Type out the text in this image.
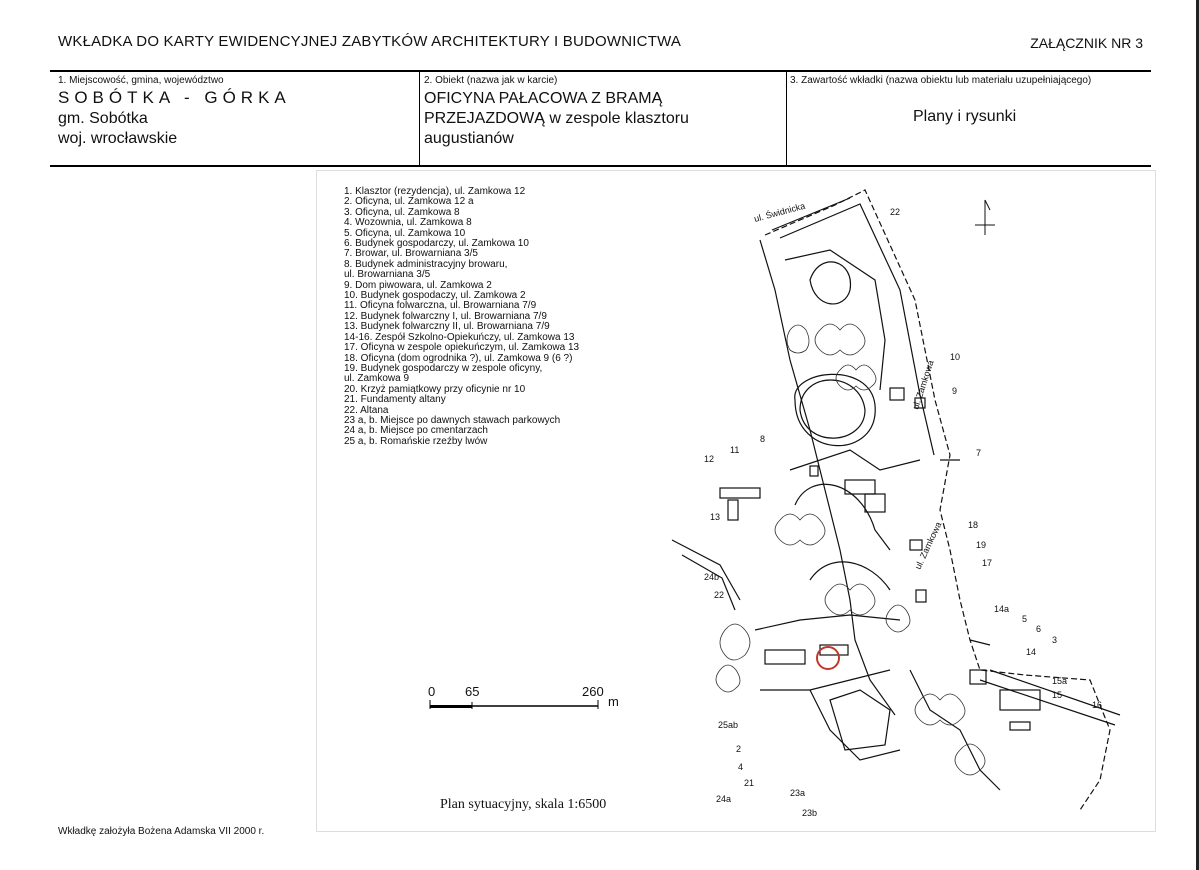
WKŁADKA DO KARTY EWIDENCYJNEJ ZABYTKÓW ARCHITEKTURY I BUDOWNICTWA	ZAŁĄCZNIK NR 3
1. Miejscowość, gmina, województwo
SOBÓTKA - GÓRKA
gm. Sobótka
woj. wrocławskie
2. Obiekt (nazwa jak w karcie)
OFICYNA PAŁACOWA Z BRAMĄ
PRZEJAZDOWĄ w zespole klasztoru
augustianów
3. Zawartość wkładki (nazwa obiektu lub materiału uzupełniającego)
Plany i rysunki
1. Klasztor (rezydencja), ul. Zamkowa 12
2. Oficyna, ul. Zamkowa 12 a
3. Oficyna, ul. Zamkowa 8
4. Wozownia, ul. Zamkowa 8
5. Oficyna, ul. Zamkowa 10
6. Budynek gospodarczy, ul. Zamkowa 10
7. Browar, ul. Browarniana 3/5
8. Budynek administracyjny browaru,
ul. Browarniana 3/5
9. Dom piwowara, ul. Zamkowa 2
10. Budynek gospodaczy, ul. Zamkowa 2
11. Oficyna folwarczna, ul. Browarniana 7/9
12. Budynek folwarczny I, ul. Browarniana 7/9
13. Budynek folwarczny II, ul. Browarniana 7/9
14-16. Zespół Szkolno-Opiekuńczy, ul. Zamkowa 13
17. Oficyna w zespole opiekuńczym, ul. Zamkowa 13
18. Oficyna (dom ogrodnika ?), ul. Zamkowa 9 (6 ?)
19. Budynek gospodarczy w zespole oficyny,
ul. Zamkowa 9
20. Krzyż pamiątkowy przy oficynie nr 10
21. Fundamenty altany
22. Altana
23 a, b. Miejsce po dawnych stawach parkowych
24 a, b. Miejsce po cmentarzach
25 a, b. Romańskie rzeźby lwów
0 65	260
m
ul. Świdnicka
ul. Zamkowa
ul. Zamkowa
22
10
9
7
8
12
11
13
18
19
17
24b
22
14a
5
6
3
14
15a
15
16
25ab
2
4
21
24a
23a
23b
Plan sytuacyjny, skala 1:6500
Wkładkę założyła Bożena Adamska VII 2000 r.
